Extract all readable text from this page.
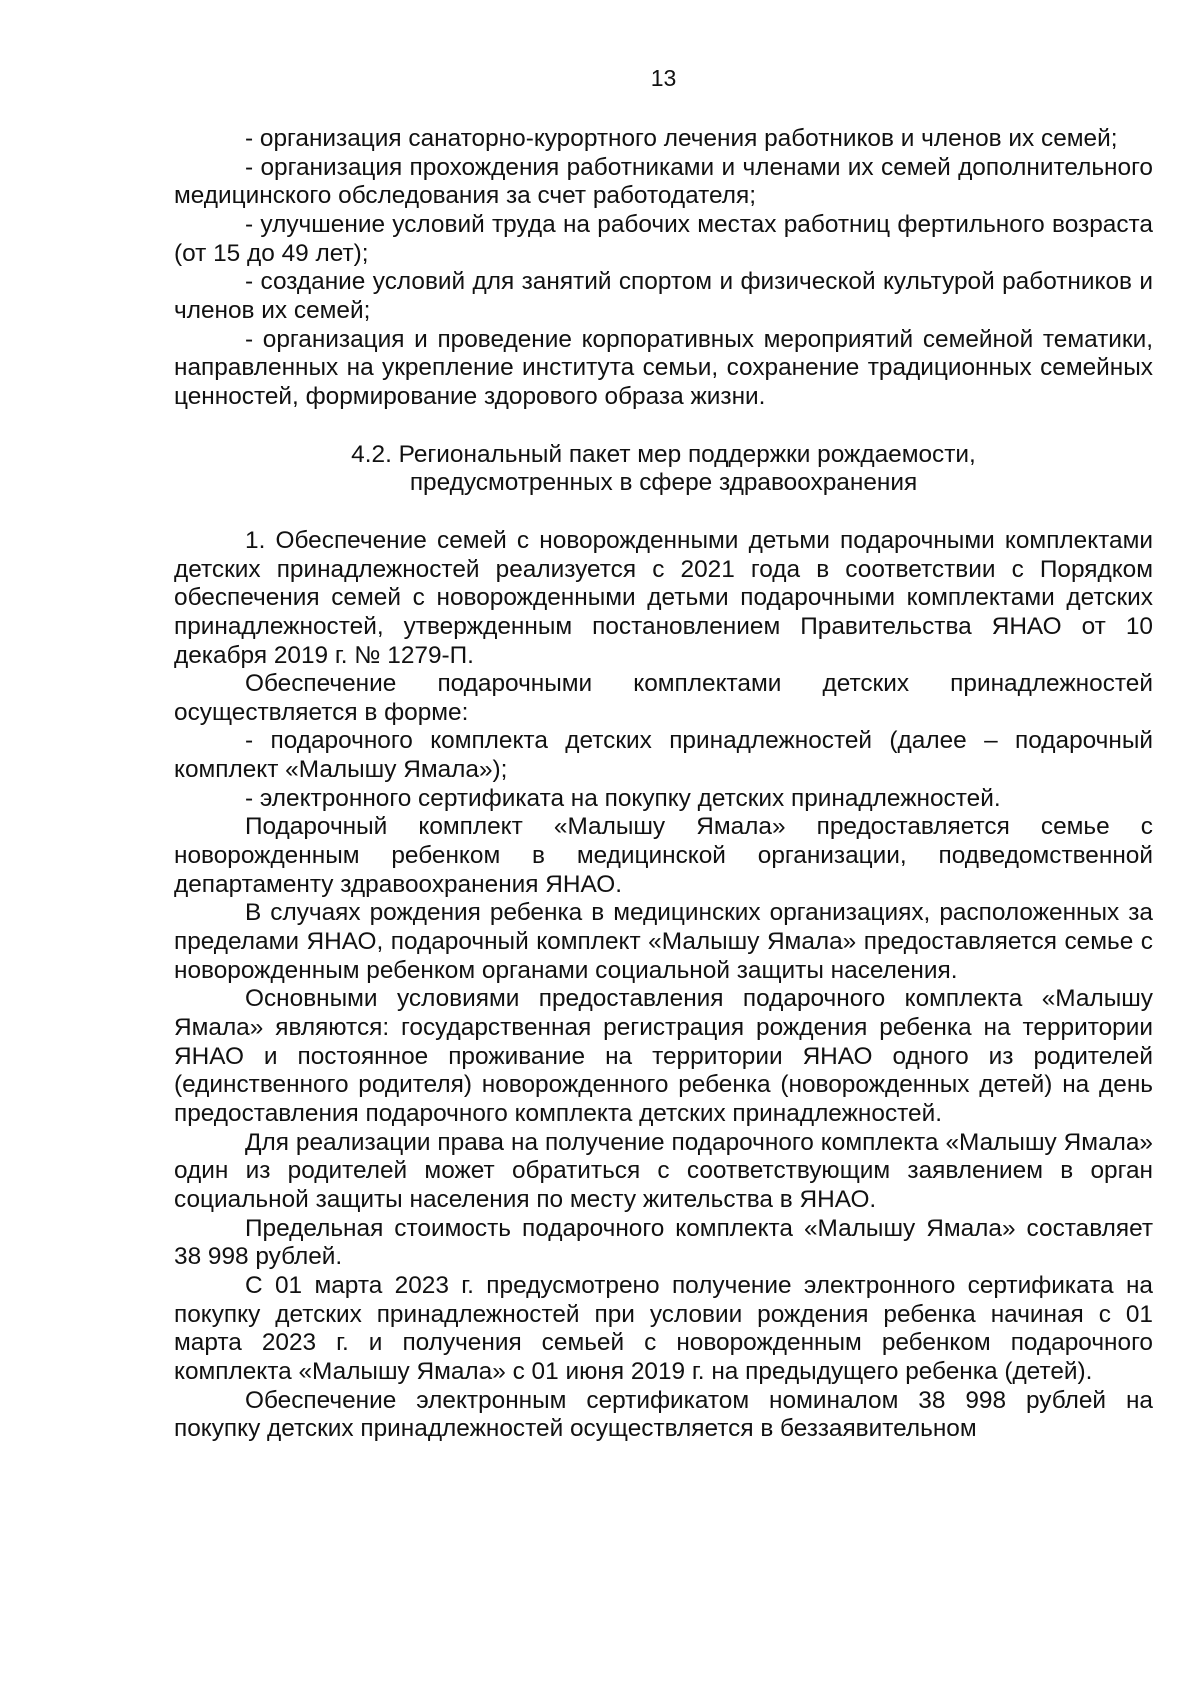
13

- организация санаторно-курортного лечения работников и членов их семей;

- организация прохождения работниками и членами их семей дополнительного медицинского обследования за счет работодателя;

- улучшение условий труда на рабочих местах работниц фертильного возраста (от 15 до 49 лет);

- создание условий для занятий спортом и физической культурой работников и членов их семей;

- организация и проведение корпоративных мероприятий семейной тематики, направленных на укрепление института семьи, сохранение традиционных семейных ценностей, формирование здорового образа жизни.

4.2. Региональный пакет мер поддержки рождаемости,
предусмотренных в сфере здравоохранения

1. Обеспечение семей с новорожденными детьми подарочными комплектами детских принадлежностей реализуется с 2021 года в соответствии с Порядком обеспечения семей с новорожденными детьми подарочными комплектами детских принадлежностей, утвержденным постановлением Правительства ЯНАО от 10 декабря 2019 г. № 1279-П.

Обеспечение подарочными комплектами детских принадлежностей осуществляется в форме:

- подарочного комплекта детских принадлежностей (далее – подарочный комплект «Малышу Ямала»);

- электронного сертификата на покупку детских принадлежностей.

Подарочный комплект «Малышу Ямала» предоставляется семье с новорожденным ребенком в медицинской организации, подведомственной департаменту здравоохранения ЯНАО.

В случаях рождения ребенка в медицинских организациях, расположенных за пределами ЯНАО, подарочный комплект «Малышу Ямала» предоставляется семье с новорожденным ребенком органами социальной защиты населения.

Основными условиями предоставления подарочного комплекта «Малышу Ямала» являются: государственная регистрация рождения ребенка на территории ЯНАО и постоянное проживание на территории ЯНАО одного из родителей (единственного родителя) новорожденного ребенка (новорожденных детей) на день предоставления подарочного комплекта детских принадлежностей.

Для реализации права на получение подарочного комплекта «Малышу Ямала» один из родителей может обратиться с соответствующим заявлением в орган социальной защиты населения по месту жительства в ЯНАО.

Предельная стоимость подарочного комплекта «Малышу Ямала» составляет 38 998 рублей.

С 01 марта 2023 г. предусмотрено получение электронного сертификата на покупку детских принадлежностей при условии рождения ребенка начиная с 01 марта 2023 г. и получения семьей с новорожденным ребенком подарочного комплекта «Малышу Ямала» с 01 июня 2019 г. на предыдущего ребенка (детей).

Обеспечение электронным сертификатом номиналом 38 998 рублей на покупку детских принадлежностей осуществляется в беззаявительном
